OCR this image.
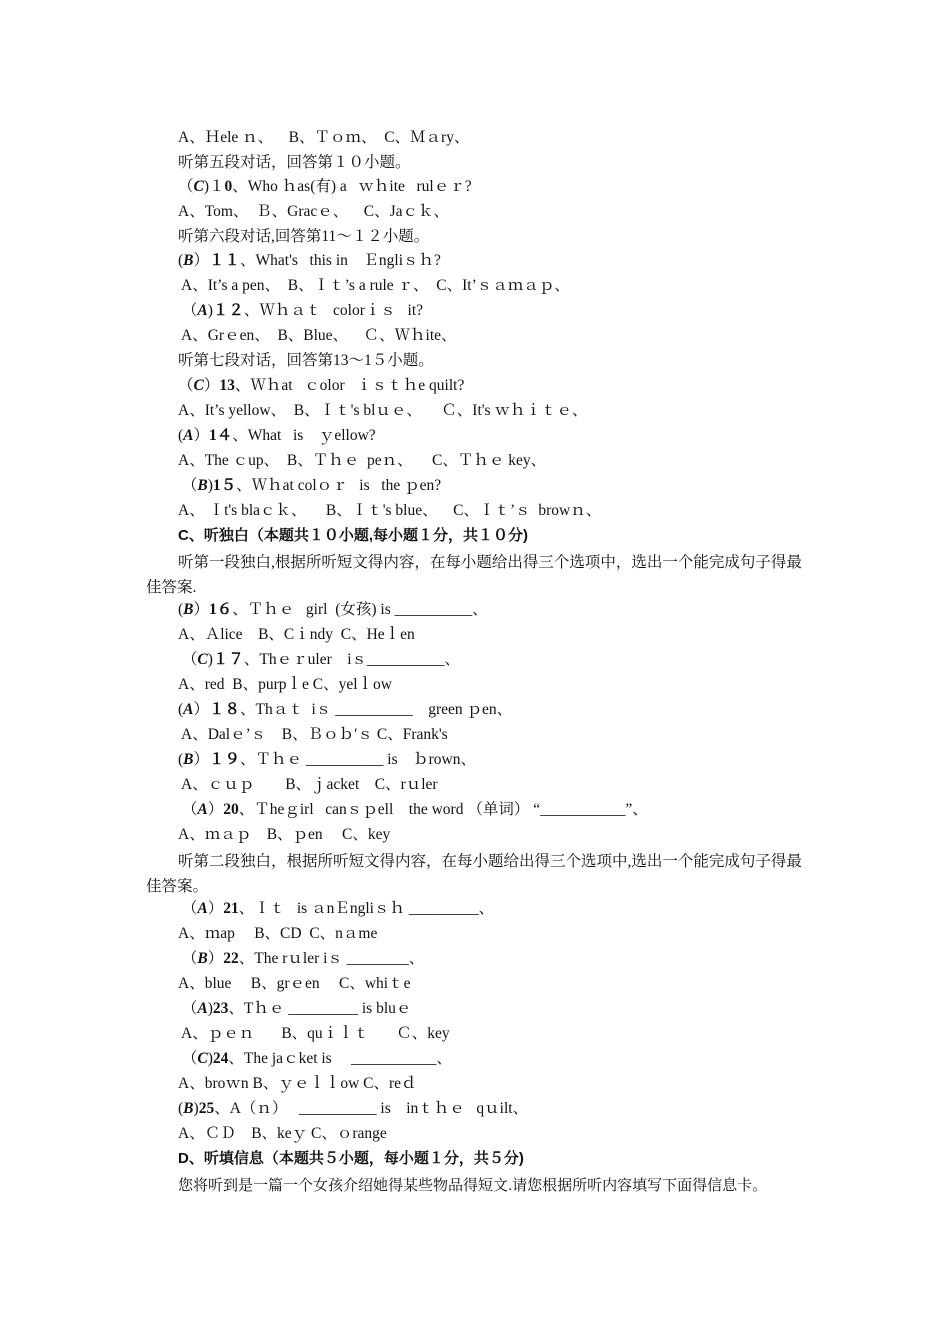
A、Ｈele ｎ、    B、Ｔｏｍ、  C、Ｍａry、
听第五段对话，回答第１０小题。
（C)１0、Who ｈas(有) a   ｗｈite   rulｅｒ?
A、Tom、  Ｂ、Gracｅ、    C、Jaｃｋ、
听第六段对话,回答第11～１２小题。
(B）１１、What's   this in    Ｅngliｓｈ?
A、It’s a pen、  B、Ｉｔ’s a rule ｒ、  C、It’ｓａｍａｐ、
（A)１２、Ｗｈａｔ   colorｉｓ   it?
A、Grｅen、  B、Blue、    Ｃ、Ｗｈite、
听第七段对话，回答第13～1５小题。
（C）13、Ｗｈat   ｃolor   ｉｓｔｈe quilt?
A、It’s yellow、  B、Ｉｔ's blｕｅ、     Ｃ、It's ｗｈｉｔｅ、
(A）1４、What   is    ｙellow?
A、The ｃup、  B、Ｔｈｅ  peｎ、     C、Ｔｈｅ key、
（B)1５、Ｗｈat colｏｒ   is   the ｐen?
A、 Ｉt's blaｃｋ、     B、Ｉｔ's blue、    C、Ｉｔ’ｓ  browｎ、
C、听独白（本题共１０小题,每小题１分，共１０分)
听第一段独白,根据所听短文得内容，在每小题给出得三个选项中，选出一个能完成句子得最佳答案.
(B）1６、Ｔｈｅ   girl  (女孩) is __________、
A、Ａlice    B、Cｉndy  C、Heｌen
（C)１７、Thｅｒuler    iｓ__________、
A、red  B、purpｌe C、yelｌow
(A）１８、Thａｔ  iｓ __________    green ｐen、
A、Dalｅ’ｓ    B、Ｂｏｂ′ｓ C、Frank's
(B）１９、Ｔｈｅ __________ is    ｂrown、
A、ｃｕｐ        B、ｊacket    C、rｕler
（A）20、Ｔheｇirl   canｓｐell    the word （单词） “___________”、
A、ｍａｐ    B、ｐen     C、key
听第二段独白，根据所听短文得内容，在每小题给出得三个选项中,选出一个能完成句子得最佳答案。
（A）21、Ｉｔ   is ａnＥngliｓｈ _________、
A、ｍap     B、CD  C、nａme
（B）22、The rｕler iｓ ________、
A、blue     B、grｅen     C、whiｔe
（A)23、Tｈｅ _________ is bluｅ
A、ｐｅｎ       B、quｉｌｔ       Ｃ、key
（C)24、The jaｃket is     ___________、
A、broｗn B、ｙｅｌｌow C、reｄ
(B)25、A（ｎ）   __________ is    inｔｈｅ   qｕilt、
A、ＣＤ    B、keｙ C、ｏrange
D、听填信息（本题共５小题，每小题１分，共５分)
您将听到是一篇一个女孩介绍她得某些物品得短文.请您根据所听内容填写下面得信息卡。
